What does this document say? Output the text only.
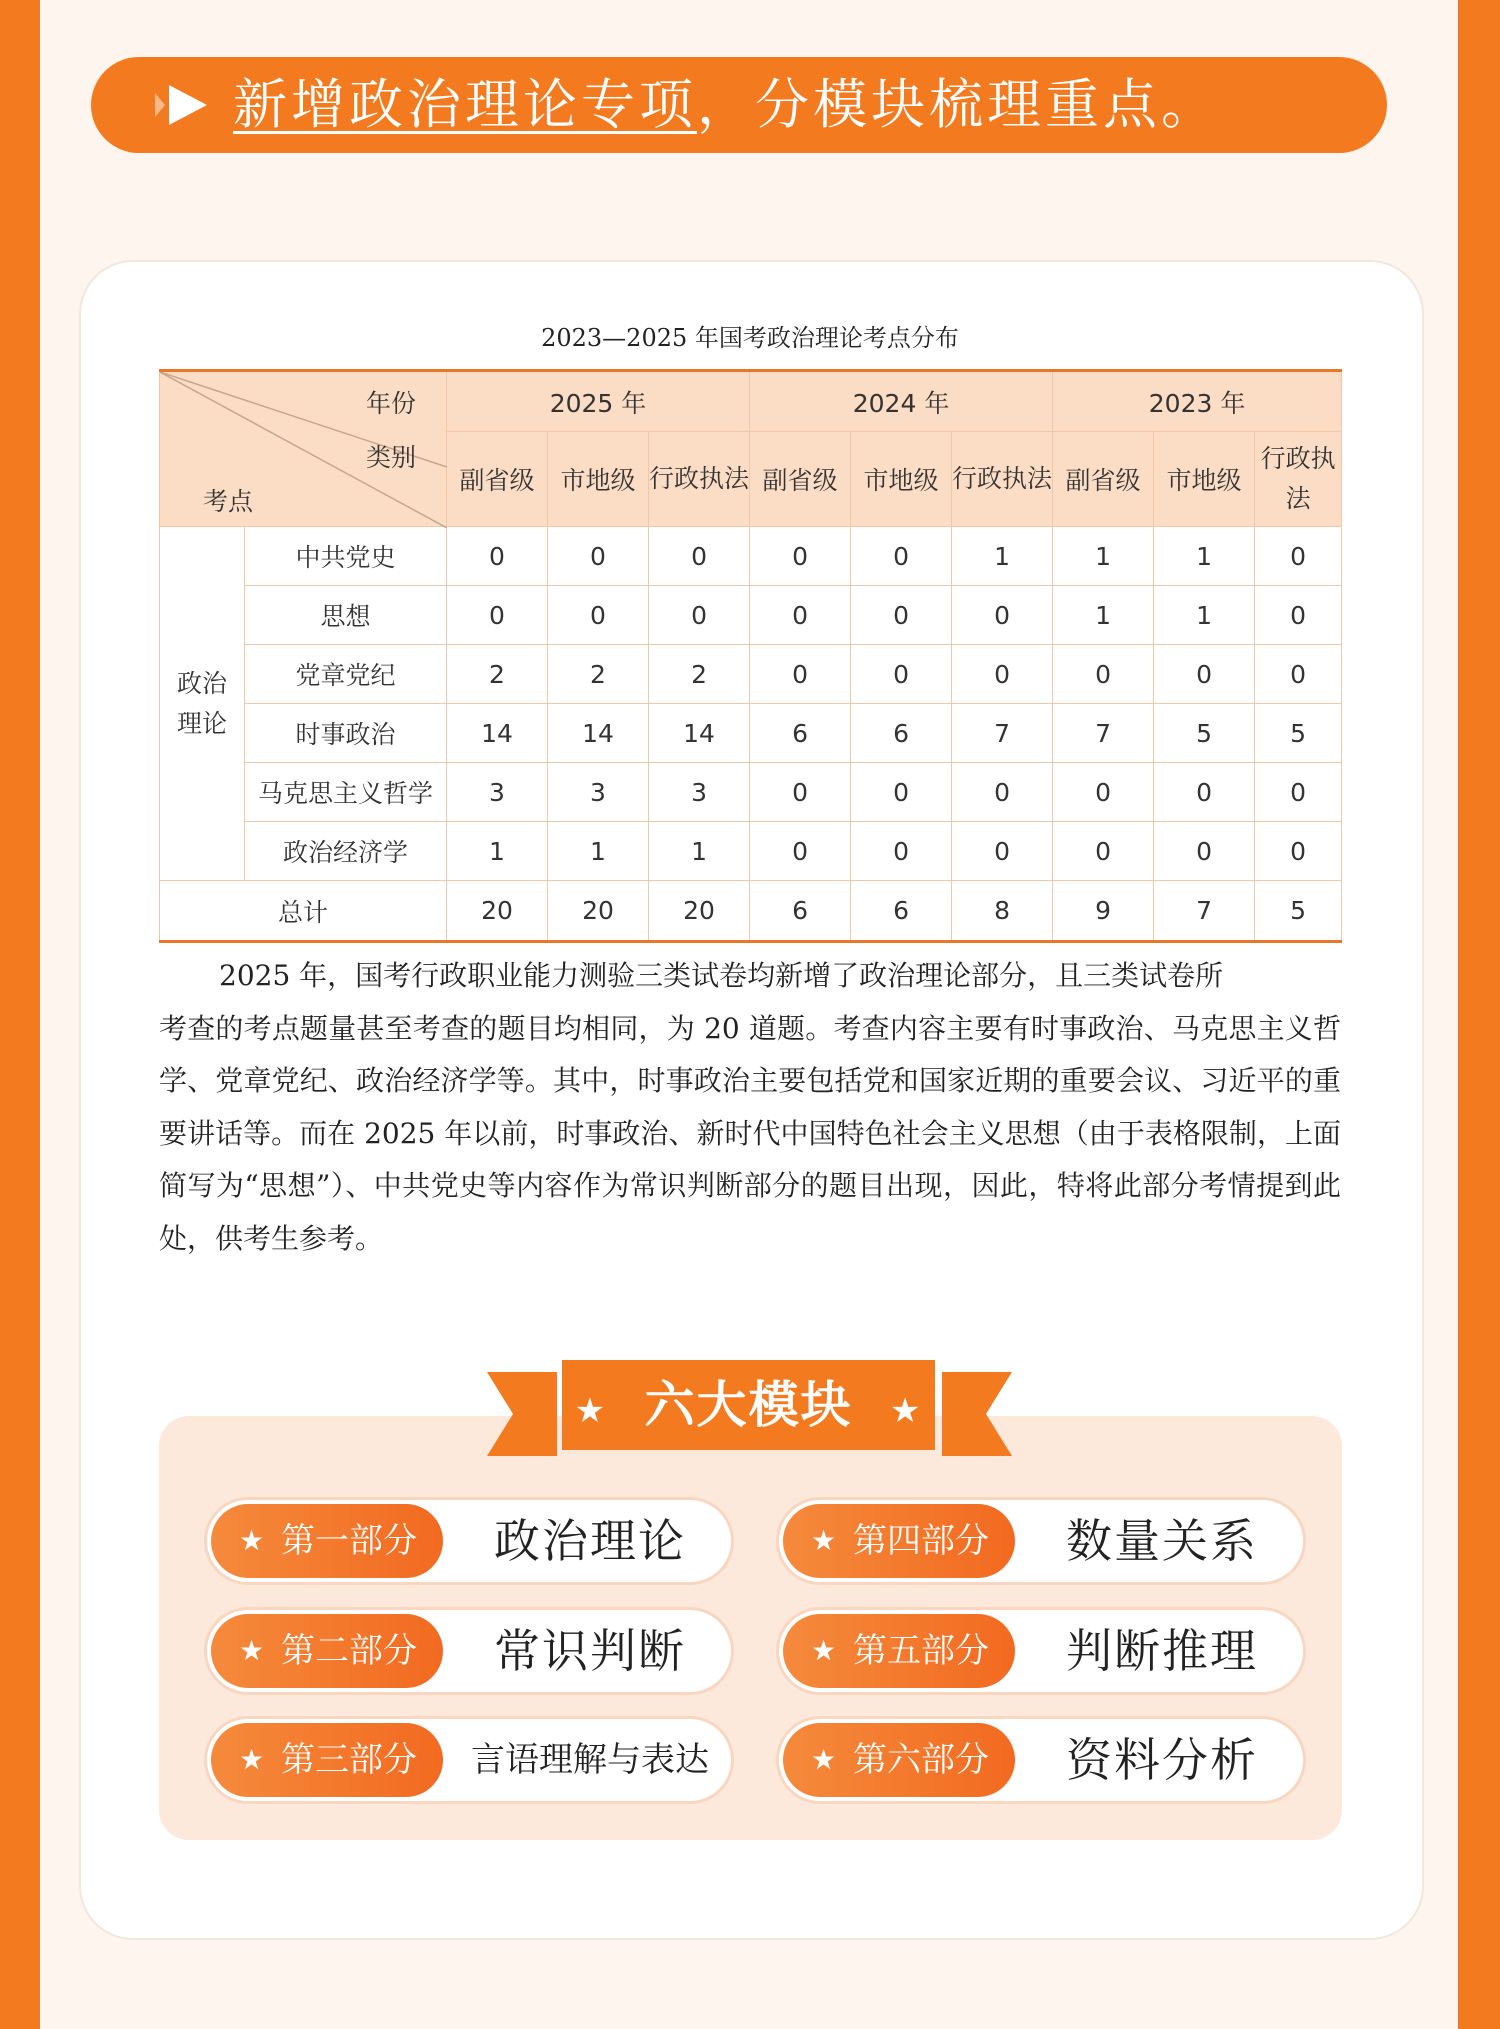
新增政治理论专项，分模块梳理重点。
2023—2025 年国考政治理论考点分布
年份
类别
考点		2025 年			2024 年			2023 年		
		副省级	市地级	行政执法	副省级	市地级	行政执法	副省级	市地级	行政执法
政治理论	中共党史	0	0	0	0	0	1	1	1	0
	思想	0	0	0	0	0	0	1	1	0
	党章党纪	2	2	2	0	0	0	0	0	0
	时事政治	14	14	14	6	6	7	7	5	5
	马克思主义哲学	3	3	3	0	0	0	0	0	0
	政治经济学	1	1	1	0	0	0	0	0	0
总计		20	20	20	6	6	8	9	7	5
2025 年，国考行政职业能力测验三类试卷均新增了政治理论部分，且三类试卷所
考查的考点题量甚至考查的题目均相同，为 20 道题。考查内容主要有时事政治、马克思主义哲学、党章党纪、政治经济学等。其中，时事政治主要包括党和国家近期的重要会议、习近平的重要讲话等。而在 2025 年以前，时事政治、新时代中国特色社会主义思想（由于表格限制，上面简写为“思想”）、中共党史等内容作为常识判断部分的题目出现，因此，特将此部分考情提到此处，供考生参考。
★ 六大模块 ★
★ 第一部分	政治理论
★ 第二部分	常识判断
★ 第三部分	言语理解与表达
★ 第四部分	数量关系
★ 第五部分	判断推理
★ 第六部分	资料分析
